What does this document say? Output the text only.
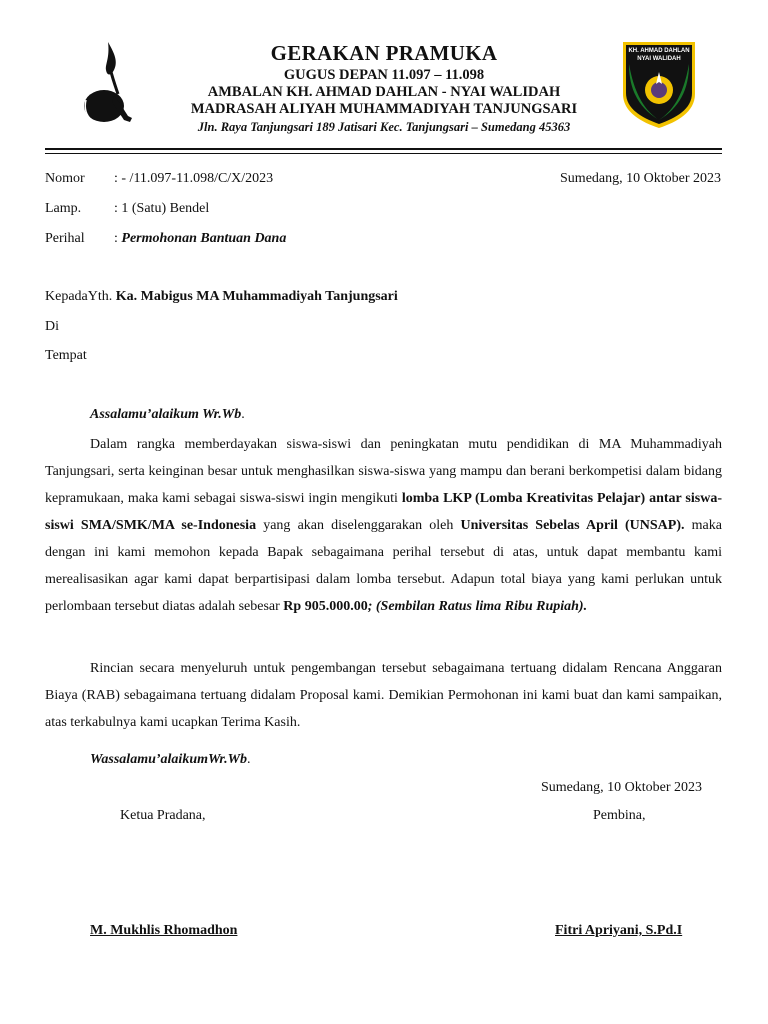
KH. AHMAD DAHLAN
NYAI WALIDAH
GERAKAN PRAMUKA
GUGUS DEPAN 11.097 – 11.098
AMBALAN KH. AHMAD DAHLAN - NYAI WALIDAH
MADRASAH ALIYAH MUHAMMADIYAH TANJUNGSARI
Jln. Raya Tanjungsari 189 Jatisari Kec. Tanjungsari – Sumedang 45363
Nomor : - /11.097-11.098/C/X/2023	Sumedang, 10 Oktober 2023
Lamp. : 1 (Satu) Bendel
Perihal : Permohonan Bantuan Dana
KepadaYth. Ka. Mabigus MA Muhammadiyah Tanjungsari
Di
Tempat
Assalamu’alaikum Wr.Wb.

Dalam rangka memberdayakan siswa-siswi dan peningkatan mutu pendidikan di MA Muhammadiyah Tanjungsari, serta keinginan besar untuk menghasilkan siswa-siswa yang mampu dan berani berkompetisi dalam bidang kepramukaan, maka kami sebagai siswa-siswi ingin mengikuti lomba LKP (Lomba Kreativitas Pelajar) antar siswa-siswi SMA/SMK/MA se-Indonesia yang akan diselenggarakan oleh Universitas Sebelas April (UNSAP). maka dengan ini kami memohon kepada Bapak sebagaimana perihal tersebut di atas, untuk dapat membantu kami merealisasikan agar kami dapat berpartisipasi dalam lomba tersebut. Adapun total biaya yang kami perlukan untuk perlombaan tersebut diatas adalah sebesar Rp 905.000.00; (Sembilan Ratus lima Ribu Rupiah).

Rincian secara menyeluruh untuk pengembangan tersebut sebagaimana tertuang didalam Rencana Anggaran Biaya (RAB) sebagaimana tertuang didalam Proposal kami. Demikian Permohonan ini kami buat dan kami sampaikan, atas terkabulnya kami ucapkan Terima Kasih.

Wassalamu’alaikumWr.Wb.
Sumedang, 10 Oktober 2023
Ketua Pradana,	Pembina,
M. Mukhlis Rhomadhon	Fitri Apriyani, S.Pd.I
